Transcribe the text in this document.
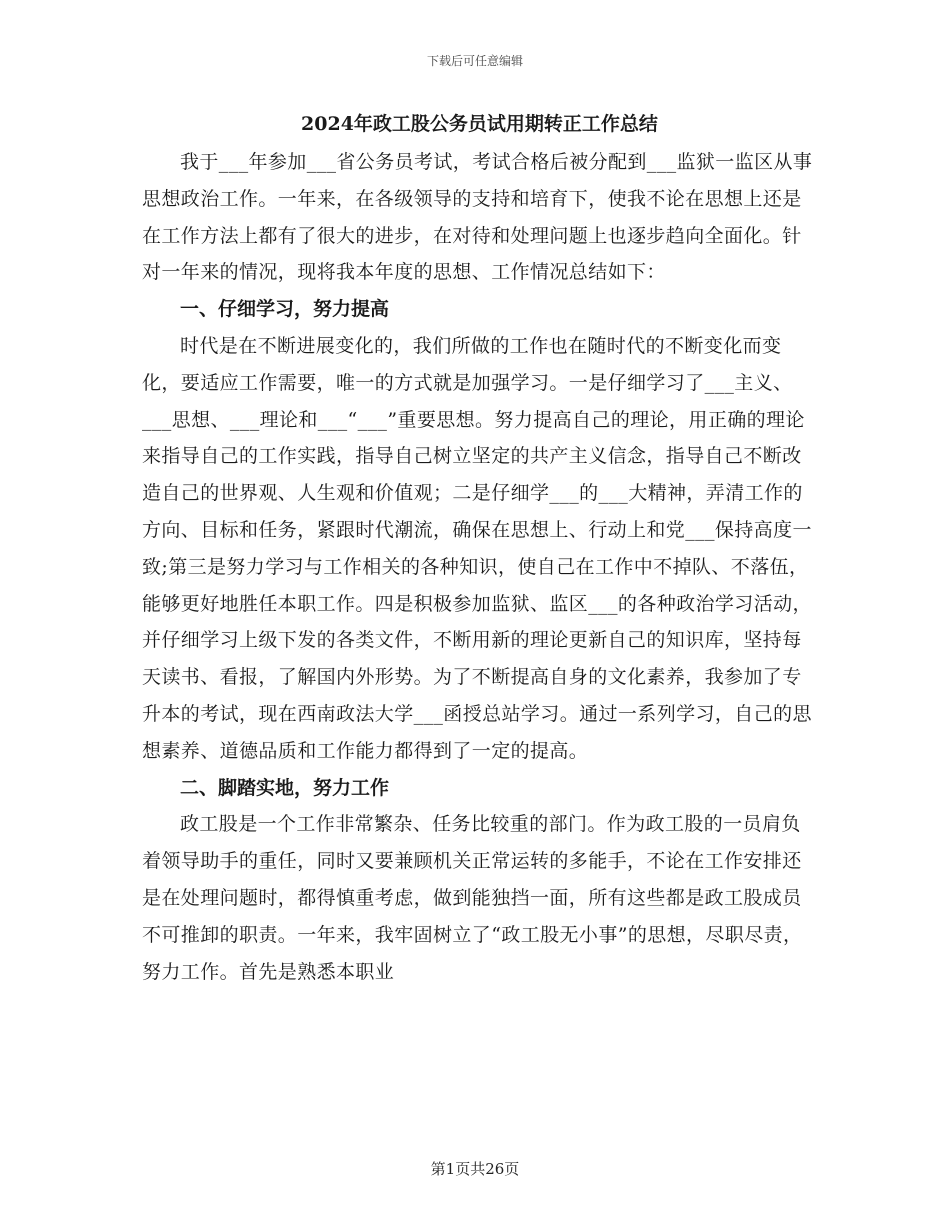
下载后可任意编辑

2024年政工股公务员试用期转正工作总结

我于___年参加___省公务员考试，考试合格后被分配到___监狱一监区从事思想政治工作。一年来，在各级领导的支持和培育下，使我不论在思想上还是在工作方法上都有了很大的进步，在对待和处理问题上也逐步趋向全面化。针对一年来的情况，现将我本年度的思想、工作情况总结如下：

一、仔细学习，努力提高

时代是在不断进展变化的，我们所做的工作也在随时代的不断变化而变化，要适应工作需要，唯一的方式就是加强学习。一是仔细学习了___主义、___思想、___理论和___“___”重要思想。努力提高自己的理论，用正确的理论来指导自己的工作实践，指导自己树立坚定的共产主义信念，指导自己不断改造自己的世界观、人生观和价值观；二是仔细学___的___大精神，弄清工作的方向、目标和任务，紧跟时代潮流，确保在思想上、行动上和党___保持高度一致;第三是努力学习与工作相关的各种知识，使自己在工作中不掉队、不落伍，能够更好地胜任本职工作。四是积极参加监狱、监区___的各种政治学习活动，并仔细学习上级下发的各类文件，不断用新的理论更新自己的知识库，坚持每天读书、看报，了解国内外形势。为了不断提高自身的文化素养，我参加了专升本的考试，现在西南政法大学___函授总站学习。通过一系列学习，自己的思想素养、道德品质和工作能力都得到了一定的提高。

二、脚踏实地，努力工作

政工股是一个工作非常繁杂、任务比较重的部门。作为政工股的一员肩负着领导助手的重任，同时又要兼顾机关正常运转的多能手，不论在工作安排还是在处理问题时，都得慎重考虑，做到能独挡一面，所有这些都是政工股成员不可推卸的职责。一年来，我牢固树立了“政工股无小事”的思想，尽职尽责，努力工作。首先是熟悉本职业

第1页共26页
